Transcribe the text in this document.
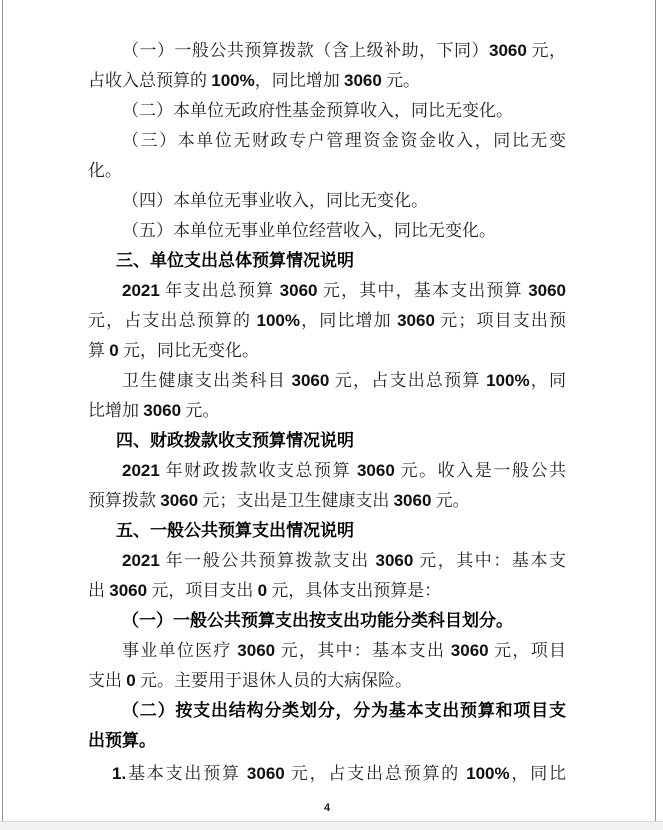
（一）一般公共预算拨款（含上级补助，下同）3060 元，
占收入总预算的 100%，同比增加 3060 元。
（二）本单位无政府性基金预算收入，同比无变化。
（三）本单位无财政专户管理资金资金收入，同比无变
化。
（四）本单位无事业收入，同比无变化。
（五）本单位无事业单位经营收入，同比无变化。
三、单位支出总体预算情况说明
2021 年支出总预算 3060 元，其中，基本支出预算 3060
元，占支出总预算的 100%，同比增加 3060 元；项目支出预
算 0 元，同比无变化。
卫生健康支出类科目 3060 元，占支出总预算 100%，同
比增加 3060 元。
四、财政拨款收支预算情况说明
2021 年财政拨款收支总预算 3060 元。收入是一般公共
预算拨款 3060 元；支出是卫生健康支出 3060 元。
五、一般公共预算支出情况说明
2021 年一般公共预算拨款支出 3060 元，其中：基本支
出 3060 元，项目支出 0 元，具体支出预算是：
（一）一般公共预算支出按支出功能分类科目划分。
事业单位医疗 3060 元，其中：基本支出 3060 元，项目
支出 0 元。主要用于退休人员的大病保险。
（二）按支出结构分类划分，分为基本支出预算和项目支
出预算。
1.基本支出预算 3060 元，占支出总预算的 100%，同比
4
